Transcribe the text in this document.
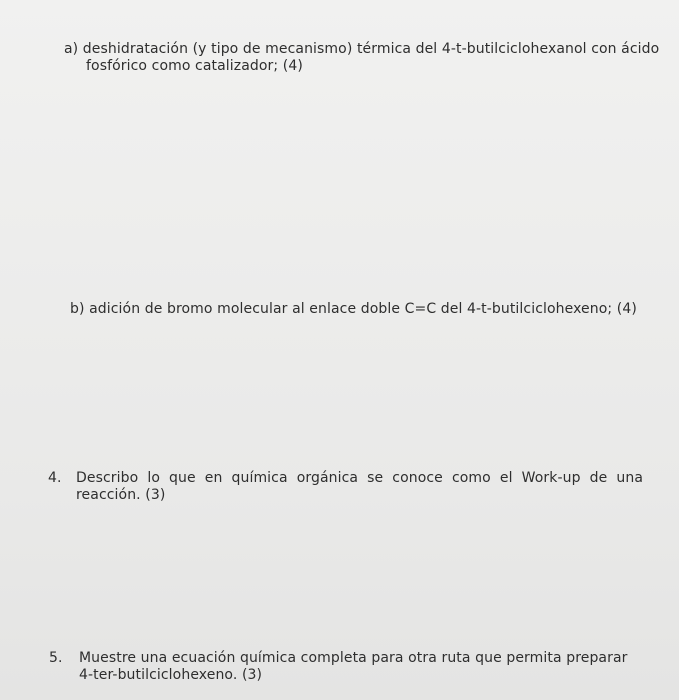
a) deshidratación (y tipo de mecanismo) térmica del 4-t-butilciclohexanol con ácido fosfórico como catalizador; (4)
b) adición de bromo molecular al enlace doble C=C del 4-t-butilciclohexeno; (4)
4.	Describo lo que en química orgánica se conoce como el Work-up de una reacción. (3)
5.	Muestre una ecuación química completa para otra ruta que permita preparar 4-ter-butilciclohexeno. (3)
